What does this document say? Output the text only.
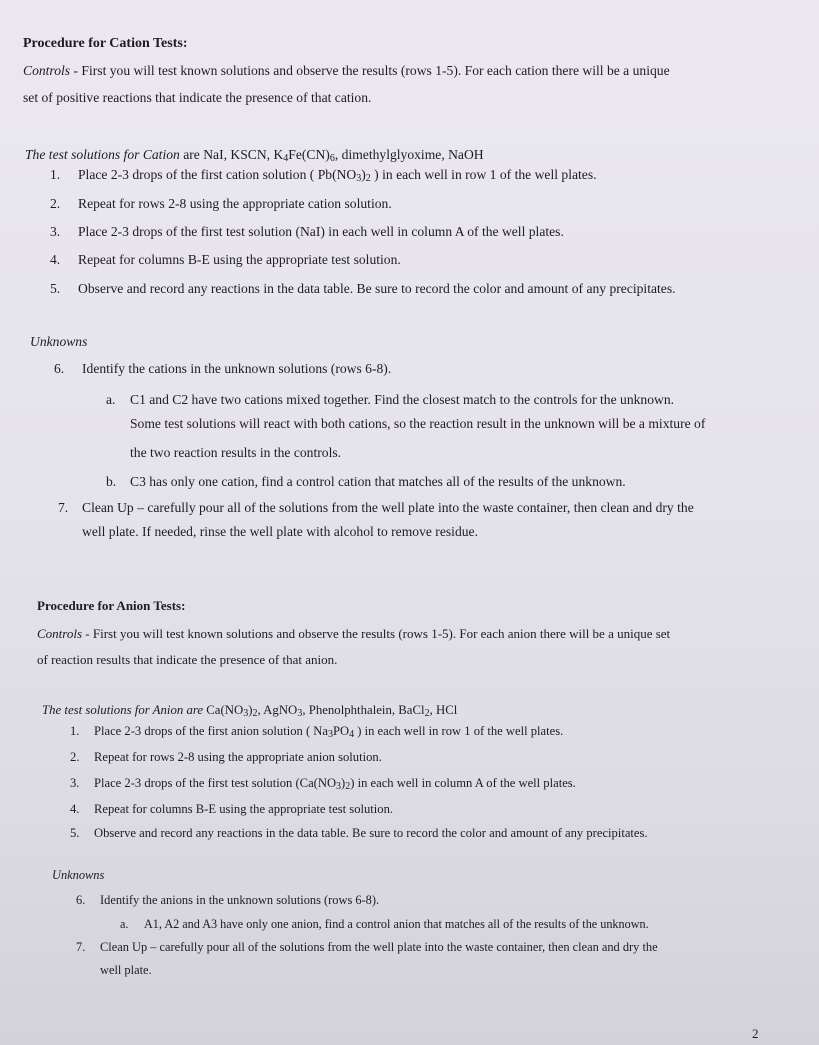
Procedure for Cation Tests:
Controls - First you will test known solutions and observe the results (rows 1-5). For each cation there will be a unique
set of positive reactions that indicate the presence of that cation.
The test solutions for Cation are NaI, KSCN, K4Fe(CN)6, dimethylglyoxime, NaOH
1. Place 2-3 drops of the first cation solution ( Pb(NO3)2 ) in each well in row 1 of the well plates.
2. Repeat for rows 2-8 using the appropriate cation solution.
3. Place 2-3 drops of the first test solution (NaI) in each well in column A of the well plates.
4. Repeat for columns B-E using the appropriate test solution.
5. Observe and record any reactions in the data table. Be sure to record the color and amount of any precipitates.
Unknowns
6. Identify the cations in the unknown solutions (rows 6-8).
a. C1 and C2 have two cations mixed together. Find the closest match to the controls for the unknown.
Some test solutions will react with both cations, so the reaction result in the unknown will be a mixture of
the two reaction results in the controls.
b. C3 has only one cation, find a control cation that matches all of the results of the unknown.
7. Clean Up – carefully pour all of the solutions from the well plate into the waste container, then clean and dry the
well plate. If needed, rinse the well plate with alcohol to remove residue.
Procedure for Anion Tests:
Controls - First you will test known solutions and observe the results (rows 1-5). For each anion there will be a unique set
of reaction results that indicate the presence of that anion.
The test solutions for Anion are Ca(NO3)2, AgNO3, Phenolphthalein, BaCl2, HCl
1. Place 2-3 drops of the first anion solution ( Na3PO4 ) in each well in row 1 of the well plates.
2. Repeat for rows 2-8 using the appropriate anion solution.
3. Place 2-3 drops of the first test solution (Ca(NO3)2) in each well in column A of the well plates.
4. Repeat for columns B-E using the appropriate test solution.
5. Observe and record any reactions in the data table. Be sure to record the color and amount of any precipitates.
Unknowns
6. Identify the anions in the unknown solutions (rows 6-8).
a. A1, A2 and A3 have only one anion, find a control anion that matches all of the results of the unknown.
7. Clean Up – carefully pour all of the solutions from the well plate into the waste container, then clean and dry the
well plate.
2
